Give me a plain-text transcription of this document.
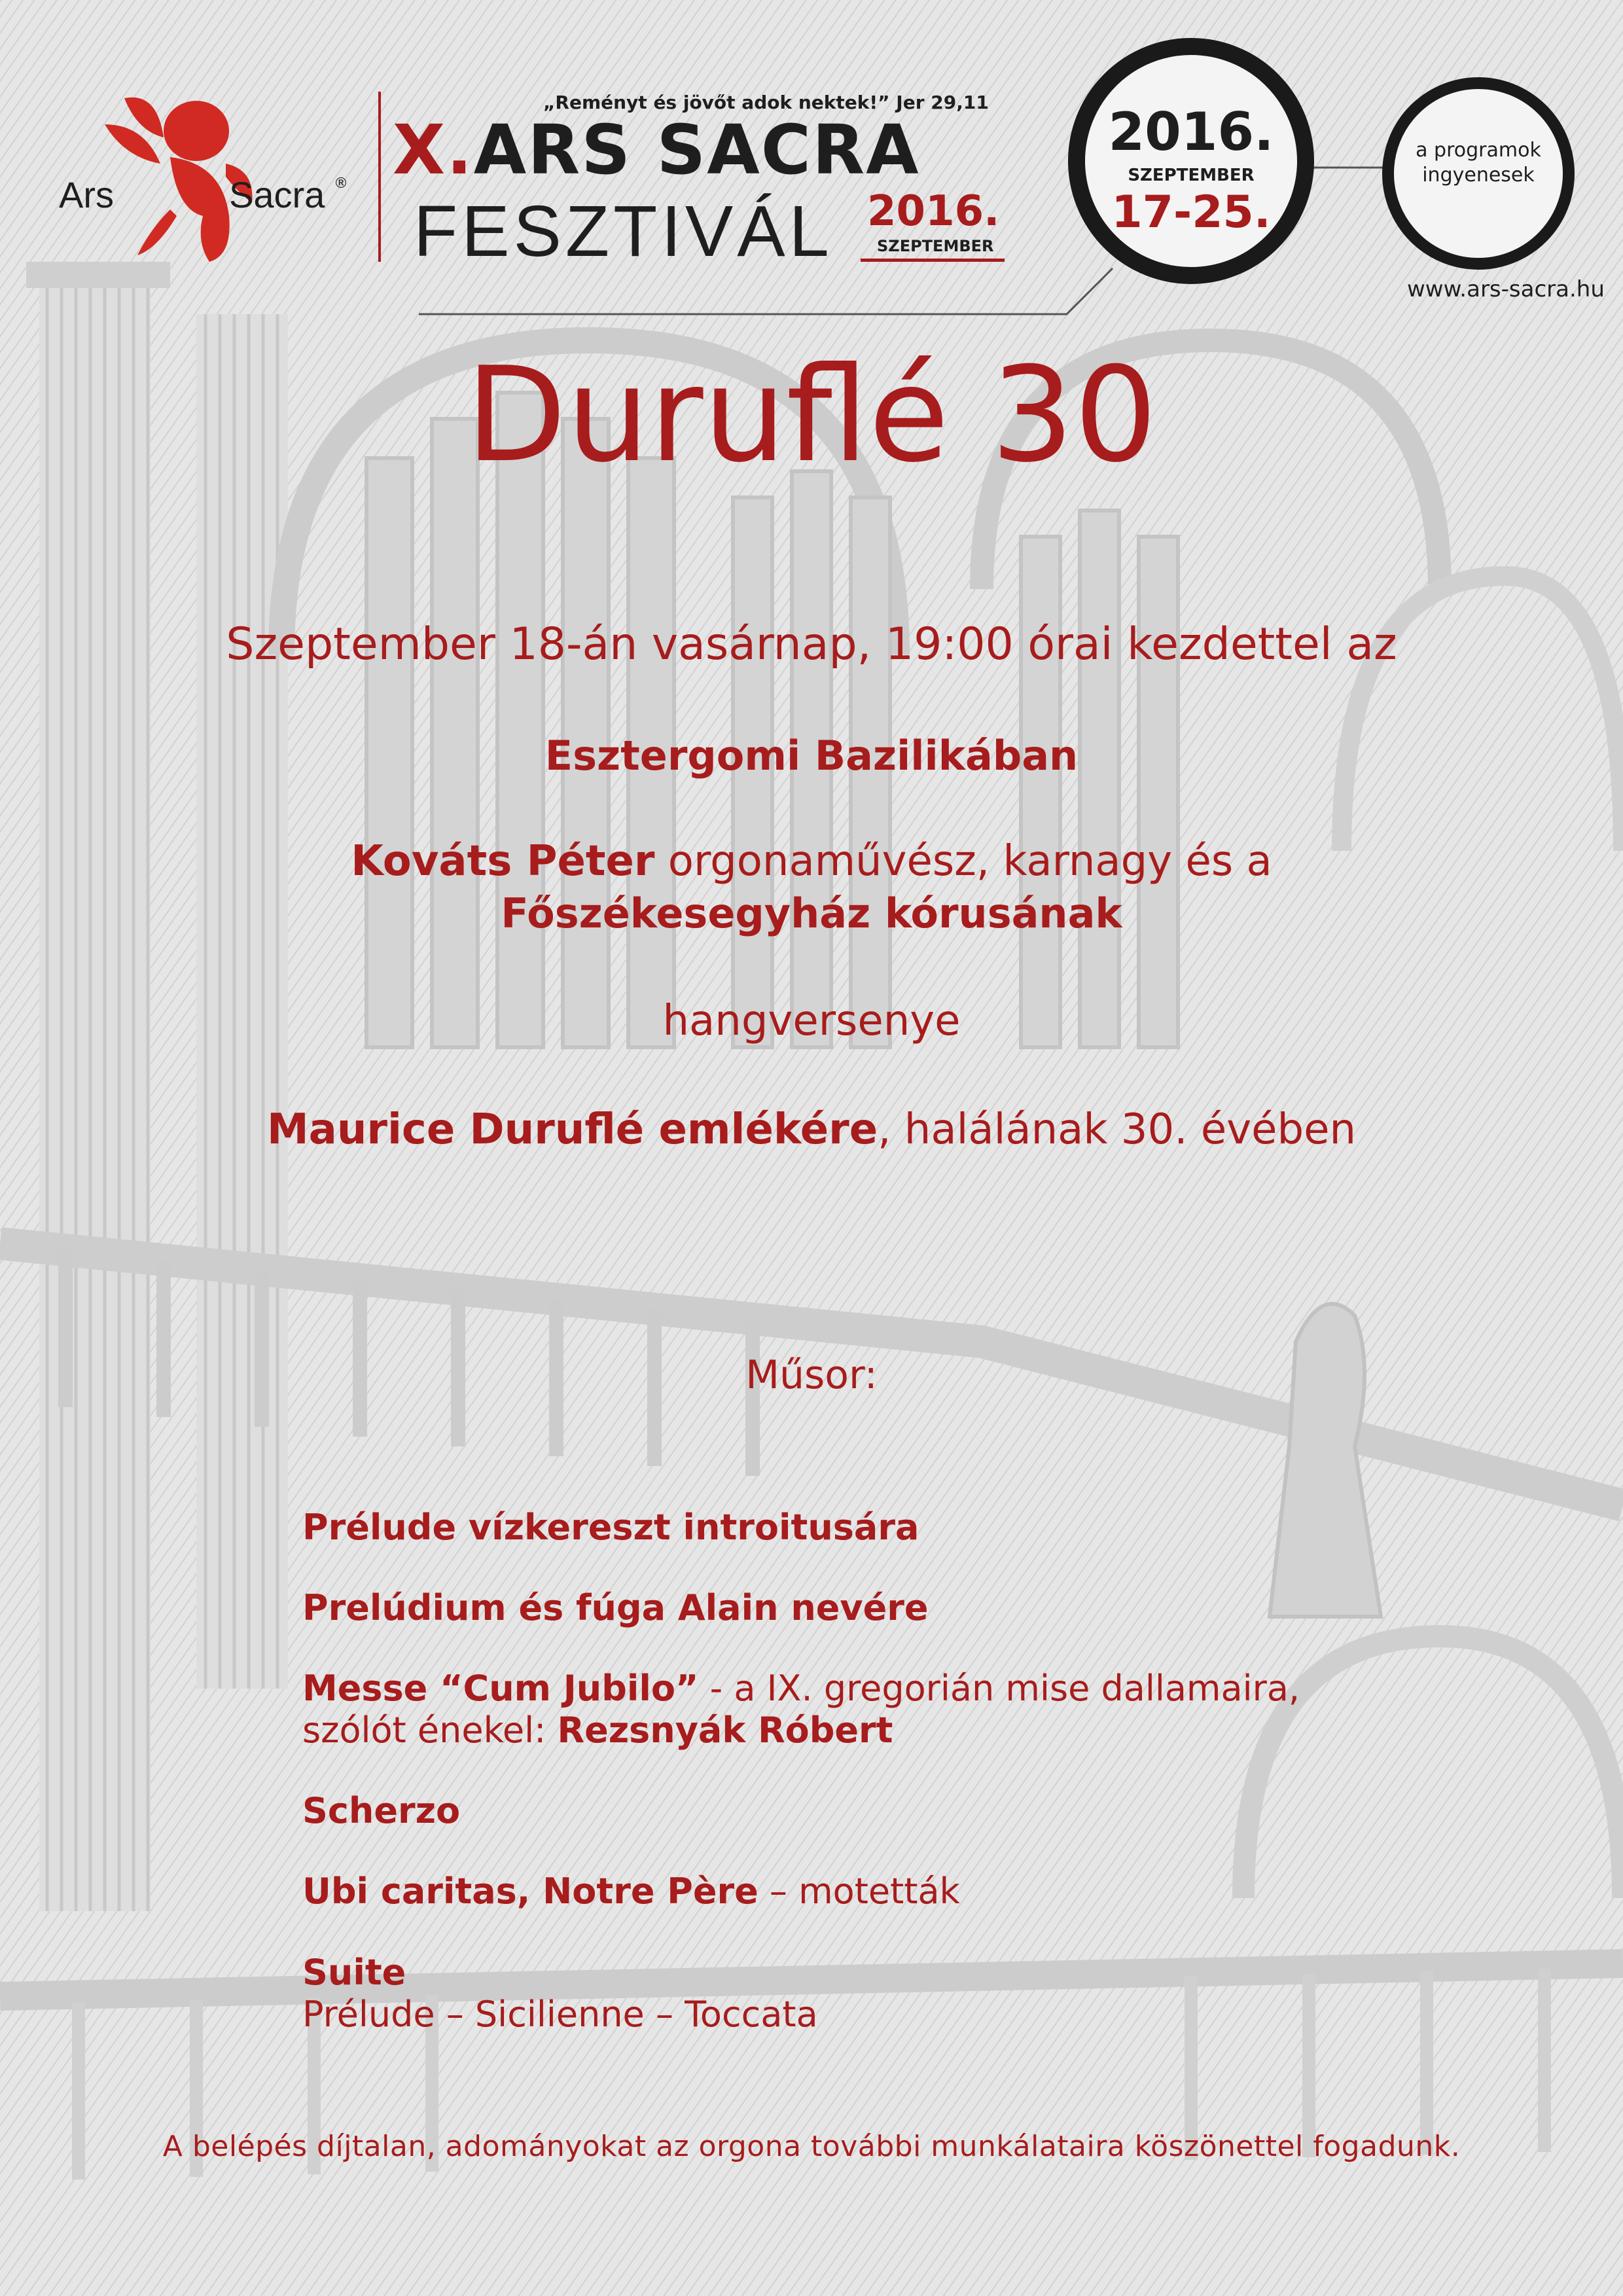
Ars	Sacra ®
„Reményt és jövőt adok nektek!” Jer 29,11
X.ARS SACRA
FESZTIVÁL 2016.
SZEPTEMBER
2016.
SZEPTEMBER
17-25.
a programok
ingyenesek
www.ars-sacra.hu
Duruflé 30
Szeptember 18-án vasárnap, 19:00 órai kezdettel az
Esztergomi Bazilikában
Kováts Péter orgonaművész, karnagy és a
Főszékesegyház kórusának
hangversenye
Maurice Duruflé emlékére, halálának 30. évében
Műsor:
Prélude vízkereszt introitusára
Prelúdium és fúga Alain nevére
Messe “Cum Jubilo” - a IX. gregorián mise dallamaira,
szólót énekel: Rezsnyák Róbert
Scherzo
Ubi caritas, Notre Père – motetták
Suite
Prélude – Sicilienne – Toccata
A belépés díjtalan, adományokat az orgona további munkálataira köszönettel fogadunk.
